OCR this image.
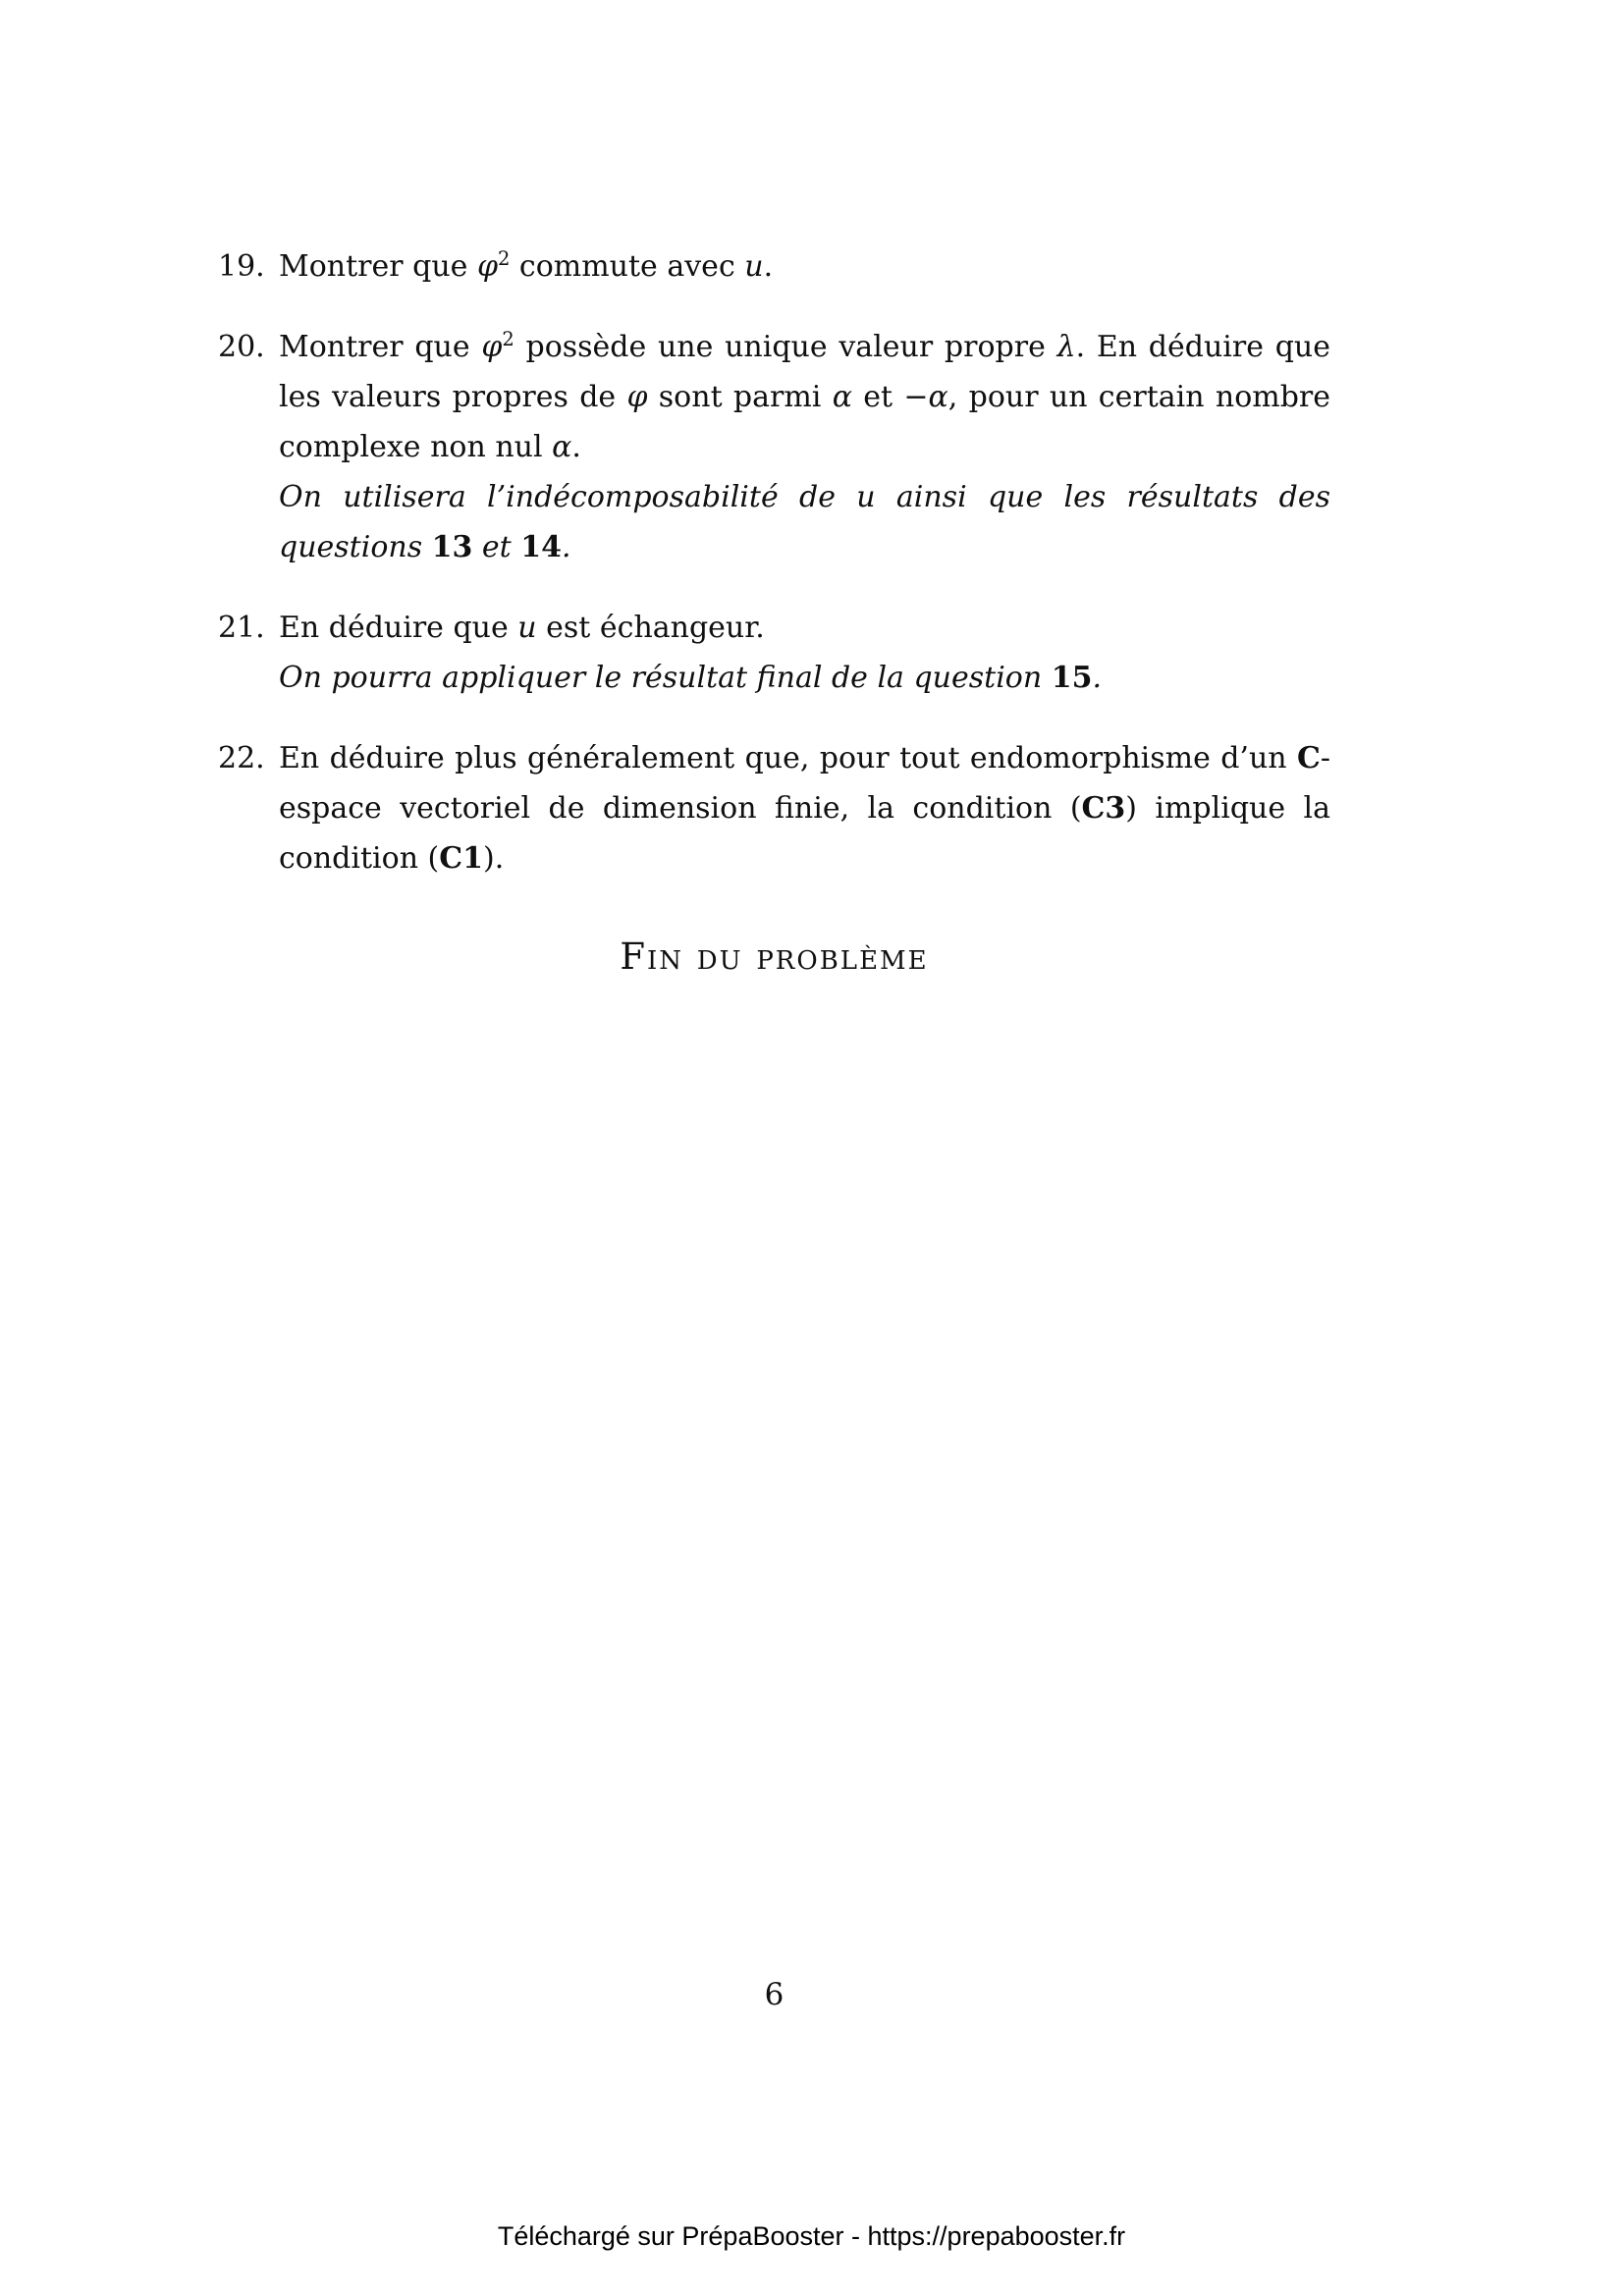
19. Montrer que $\varphi^2$ commute avec u.

20. Montrer que $\varphi^2$ possède une unique valeur propre λ. En déduire que les valeurs propres de φ sont parmi α et −α, pour un certain nombre complexe non nul α.

On utilisera l’indécomposabilité de u ainsi que les résultats des questions 13 et 14.

21. En déduire que u est échangeur.

On pourra appliquer le résultat final de la question 15.

22. En déduire plus généralement que, pour tout endomorphisme d’un C-espace vectoriel de dimension finie, la condition (C3) implique la condition (C1).

Fin du problème
6
Téléchargé sur PrépaBooster - https://prepabooster.fr
